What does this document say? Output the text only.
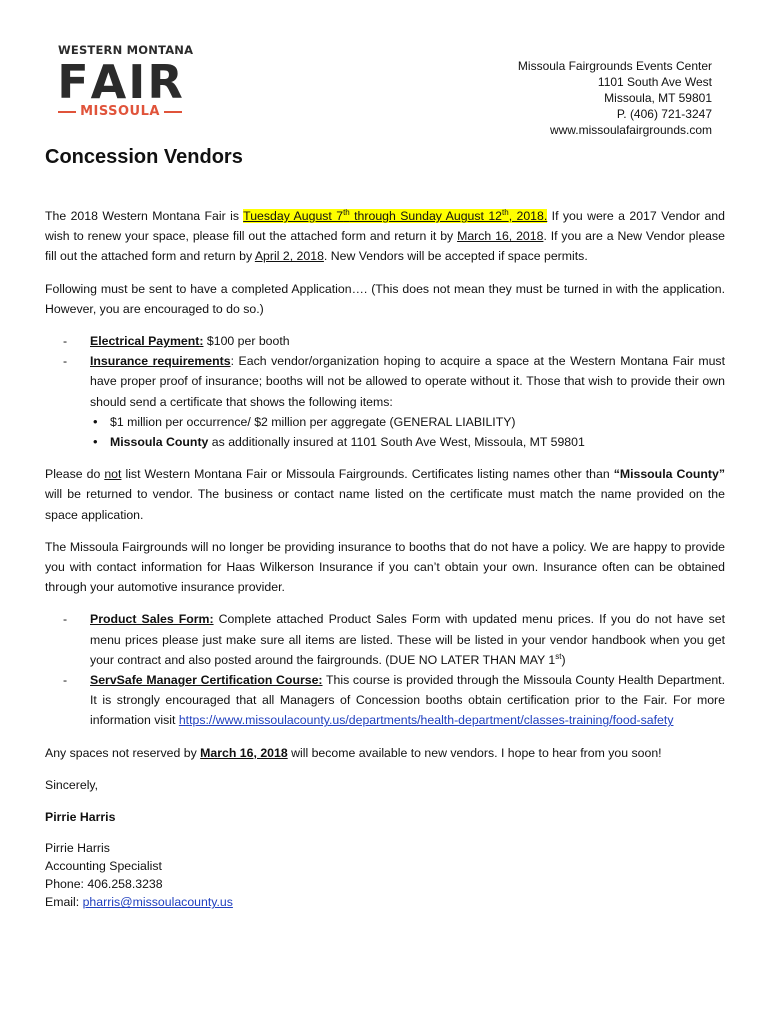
WESTERN MONTANA
F A I R
MISSOULA
Missoula Fairgrounds Events Center
1101 South Ave West
Missoula, MT 59801
P. (406) 721-3247
www.missoulafairgrounds.com
Concession Vendors

The 2018 Western Montana Fair is Tuesday August 7th through Sunday August 12th, 2018. If you were a 2017 Vendor and wish to renew your space, please fill out the attached form and return it by March 16, 2018. If you are a New Vendor please fill out the attached form and return by April 2, 2018. New Vendors will be accepted if space permits.

Following must be sent to have a completed Application…. (This does not mean they must be turned in with the application. However, you are encouraged to do so.)

- Electrical Payment: $100 per booth
- Insurance requirements: Each vendor/organization hoping to acquire a space at the Western Montana Fair must have proper proof of insurance; booths will not be allowed to operate without it. Those that wish to provide their own should send a certificate that shows the following items:
• $1 million per occurrence/ $2 million per aggregate (GENERAL LIABILITY)
• Missoula County as additionally insured at 1101 South Ave West, Missoula, MT 59801

Please do not list Western Montana Fair or Missoula Fairgrounds. Certificates listing names other than “Missoula County” will be returned to vendor. The business or contact name listed on the certificate must match the name provided on the space application.

The Missoula Fairgrounds will no longer be providing insurance to booths that do not have a policy. We are happy to provide you with contact information for Haas Wilkerson Insurance if you can’t obtain your own. Insurance often can be obtained through your automotive insurance provider.

- Product Sales Form: Complete attached Product Sales Form with updated menu prices. If you do not have set menu prices please just make sure all items are listed. These will be listed in your vendor handbook when you get your contract and also posted around the fairgrounds. (DUE NO LATER THAN MAY 1st)
- ServSafe Manager Certification Course: This course is provided through the Missoula County Health Department. It is strongly encouraged that all Managers of Concession booths obtain certification prior to the Fair. For more information visit https://www.missoulacounty.us/departments/health-department/classes-training/food-safety

Any spaces not reserved by March 16, 2018 will become available to new vendors. I hope to hear from you soon!

Sincerely,

Pirrie Harris

Pirrie Harris
Accounting Specialist
Phone: 406.258.3238
Email: pharris@missoulacounty.us
